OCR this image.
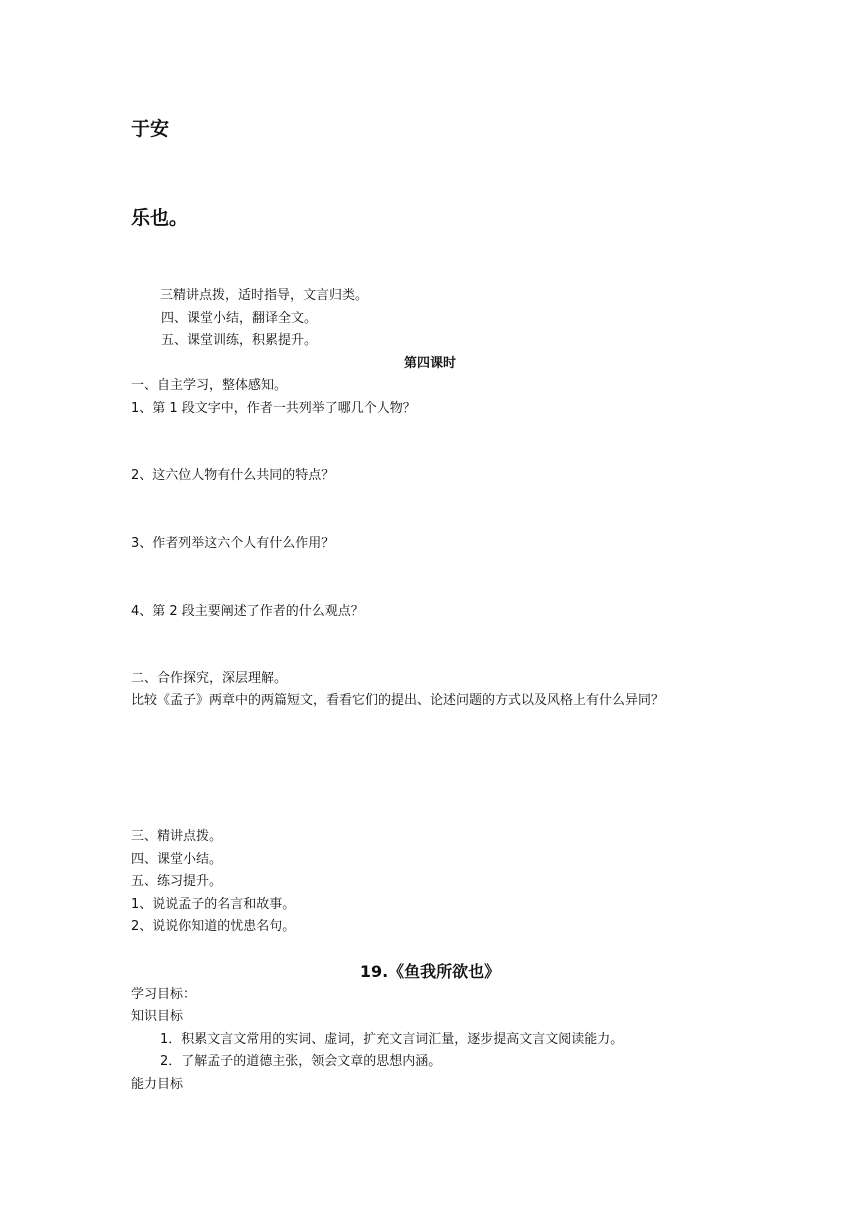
于安
乐也。
三精讲点拨，适时指导，文言归类。
四、课堂小结，翻译全文。
五、课堂训练，积累提升。
第四课时
一、自主学习，整体感知。
1、第 1 段文字中，作者一共列举了哪几个人物？
2、这六位人物有什么共同的特点？
3、作者列举这六个人有什么作用？
4、第 2 段主要阐述了作者的什么观点？
二、合作探究，深层理解。
比较《孟子》两章中的两篇短文，看看它们的提出、论述问题的方式以及风格上有什么异同？
三、精讲点拨。
四、课堂小结。
五、练习提升。
1、说说孟子的名言和故事。
2、说说你知道的忧患名句。
19.《鱼我所欲也》
学习目标：
知识目标
1．积累文言文常用的实词、虚词，扩充文言词汇量，逐步提高文言文阅读能力。
2．了解孟子的道德主张，领会文章的思想内涵。
能力目标
